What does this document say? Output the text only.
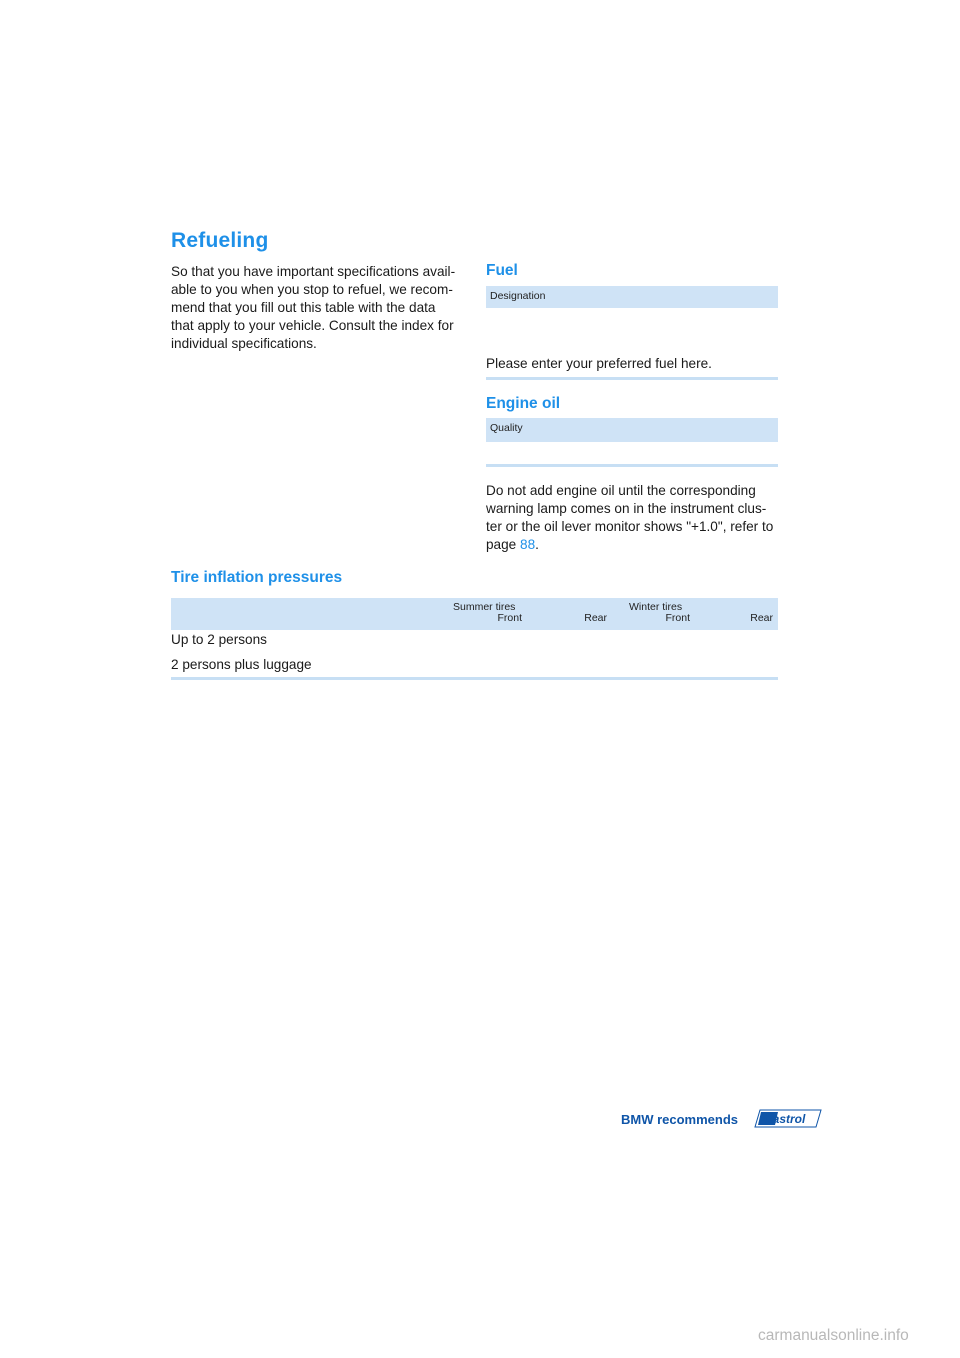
Refueling
So that you have important specifications avail-
able to you when you stop to refuel, we recom-
mend that you fill out this table with the data
that apply to your vehicle. Consult the index for
individual specifications.
Fuel
Designation
Please enter your preferred fuel here.
Engine oil
Quality
Do not add engine oil until the corresponding
warning lamp comes on in the instrument clus-
ter or the oil lever monitor shows "+1.0", refer to
page 88.
Tire inflation pressures
Summer tires	Winter tires
Front	Rear	Front	Rear
Up to 2 persons
2 persons plus luggage
BMW recommends Castrol
carmanualsonline.info
